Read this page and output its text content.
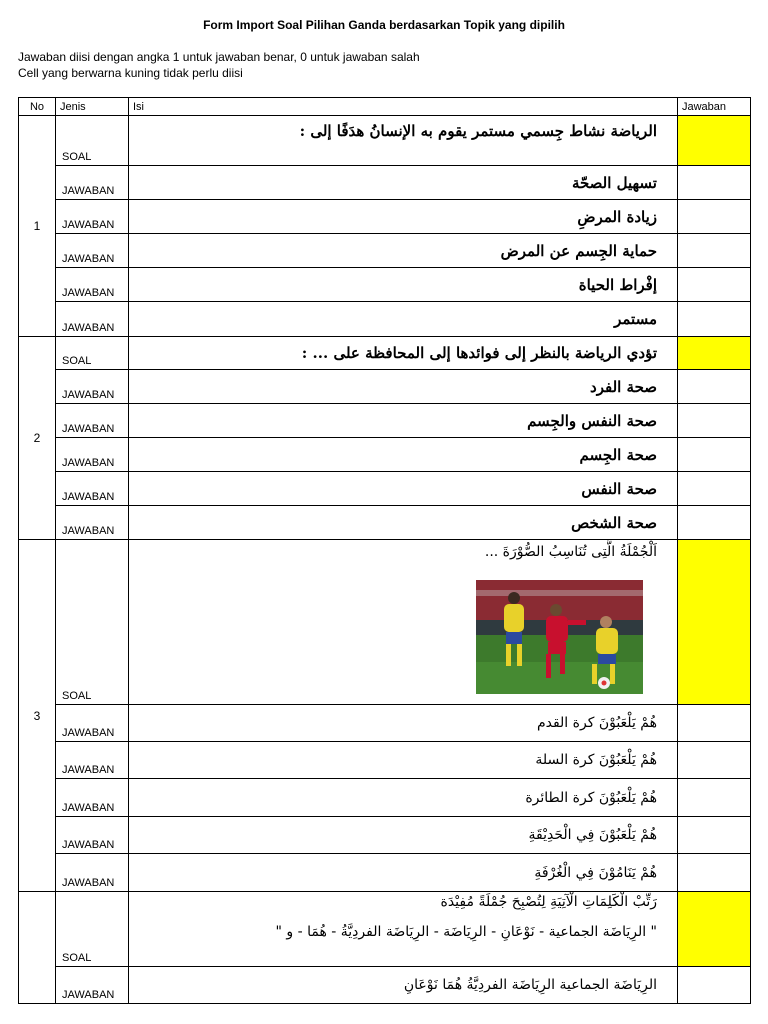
Form Import Soal Pilihan Ganda berdasarkan Topik yang dipilih
Jawaban diisi dengan angka 1 untuk jawaban benar, 0 untuk jawaban salah
Cell yang berwarna kuning tidak perlu diisi
No	Jenis	Isi	Jawaban
1	SOAL	الرياضة نشاط جِسمي مستمر يقوم به الإنسانُ هدَفًا إلى :	
	JAWABAN	تسهيل الصحّة	
	JAWABAN	زيادة المرضِ	
	JAWABAN	حماية الجِسم عن المرض	
	JAWABAN	إفْراط الحياة	
	JAWABAN	مستمر	
2	SOAL	تؤدي الرياضة بالنظر إلى فوائدها إلى المحافظة على ... :	
	JAWABAN	صحة الفرد	
	JAWABAN	صحة النفس والجِسم	
	JAWABAN	صحة الجِسم	
	JAWABAN	صحة النفس	
	JAWABAN	صحة الشخص	
3	SOAL	اَلْجُمْلَةُ الَّتِى تُنَاسِبُ الصُّوْرَةَ ...	

	JAWABAN	هُمْ يَلْعَبُوْنَ كرة القدم	
	JAWABAN	هُمْ يَلْعَبُوْنَ كرة السلة	
	JAWABAN	هُمْ يَلْعَبُوْنَ كرة الطائرة	
	JAWABAN	هُمْ يَلْعَبُوْنَ فِي الْحَدِيْقَةِ	
	JAWABAN	هُمْ يَنَامُوْنَ فِي الْغُرْفَةِ	
	SOAL	رَتِّبْ الْكَلِمَاتِ الْآتِيَةِ لِتُصْبِحَ جُمْلَةً مُفِيْدَة
" الرِيَاضَة الجماعية - نَوْعَانِ - الرِيَاضَة - الرِيَاضَة الفردِيَّةُ - هُمَا - و "	

	JAWABAN	الرِيَاضَة الجماعية الرِيَاضَة الفردِيَّةُ هُمَا نَوْعَانِ	
